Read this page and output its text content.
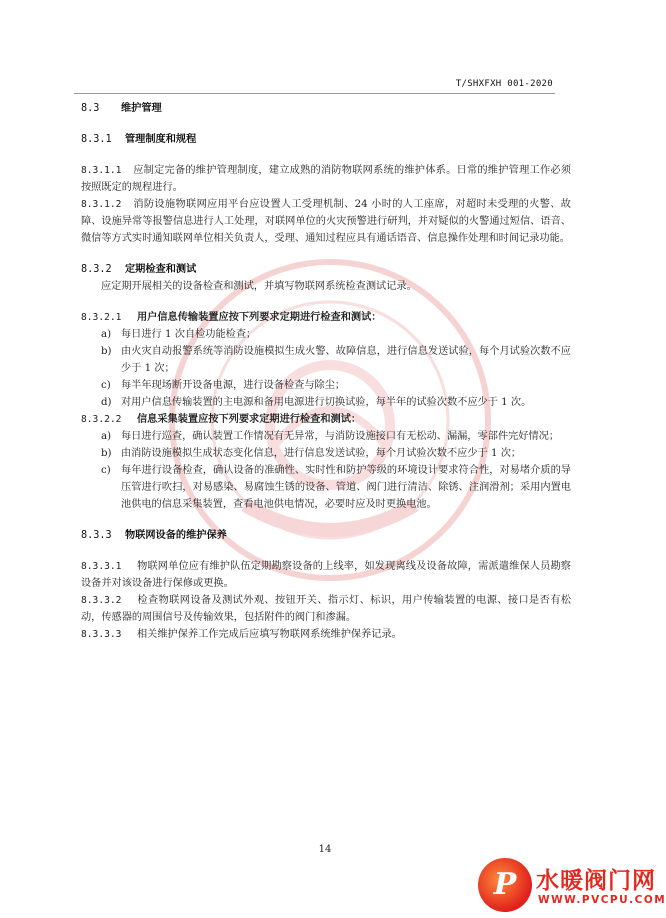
T/SHXFXH 001-2020
8.3	维护管理
8.3.1	管理制度和规程
8.3.1.1 应制定完备的维护管理制度，建立成熟的消防物联网系统的维护体系。日常的维护管理工作必须按照既定的规程进行。
8.3.1.2 消防设施物联网应用平台应设置人工受理机制、24 小时的人工座席，对超时未受理的火警、故障、设施异常等报警信息进行人工处理，对联网单位的火灾预警进行研判，并对疑似的火警通过短信、语音、微信等方式实时通知联网单位相关负责人，受理、通知过程应具有通话语音、信息操作处理和时间记录功能。
8.3.2	定期检查和测试
应定期开展相关的设备检查和测试，并填写物联网系统检查测试记录。
8.3.2.1	用户信息传输装置应按下列要求定期进行检查和测试：
a) 每日进行 1 次自检功能检查；
b) 由火灾自动报警系统等消防设施模拟生成火警、故障信息，进行信息发送试验，每个月试验次数不应少于 1 次；
c)	每半年现场断开设备电源，进行设备检查与除尘；
d) 对用户信息传输装置的主电源和备用电源进行切换试验，每半年的试验次数不应少于 1 次。
8.3.2.2	信息采集装置应按下列要求定期进行检查和测试：
a) 每日进行巡查，确认装置工作情况有无异常，与消防设施接口有无松动、漏漏，零部件完好情况；
b) 由消防设施模拟生成状态变化信息，进行信息发送试验，每个月试验次数不应少于 1 次；
c)	每年进行设备检查，确认设备的准确性、实时性和防护等级的环境设计要求符合性，对易堵介质的导压管进行吹扫，对易感染、易腐蚀生锈的设备、管道、阀门进行清洁、除锈、注润滑剂；采用内置电池供电的信息采集装置，查看电池供电情况，必要时应及时更换电池。
8.3.3	物联网设备的维护保养
8.3.3.1 物联网单位应有维护队伍定期勘察设备的上线率，如发现离线及设备故障，需派遣维保人员勘察设备并对该设备进行保修或更换。
8.3.3.2 检查物联网设备及测试外观、按钮开关、指示灯、标识，用户传输装置的电源、接口是否有松动，传感器的周围信号及传输效果，包括附件的阀门和渗漏。
8.3.3.3 相关维护保养工作完成后应填写物联网系统维护保养记录。
14
P 水暖阀门网
WWW.PVCPU.COM
